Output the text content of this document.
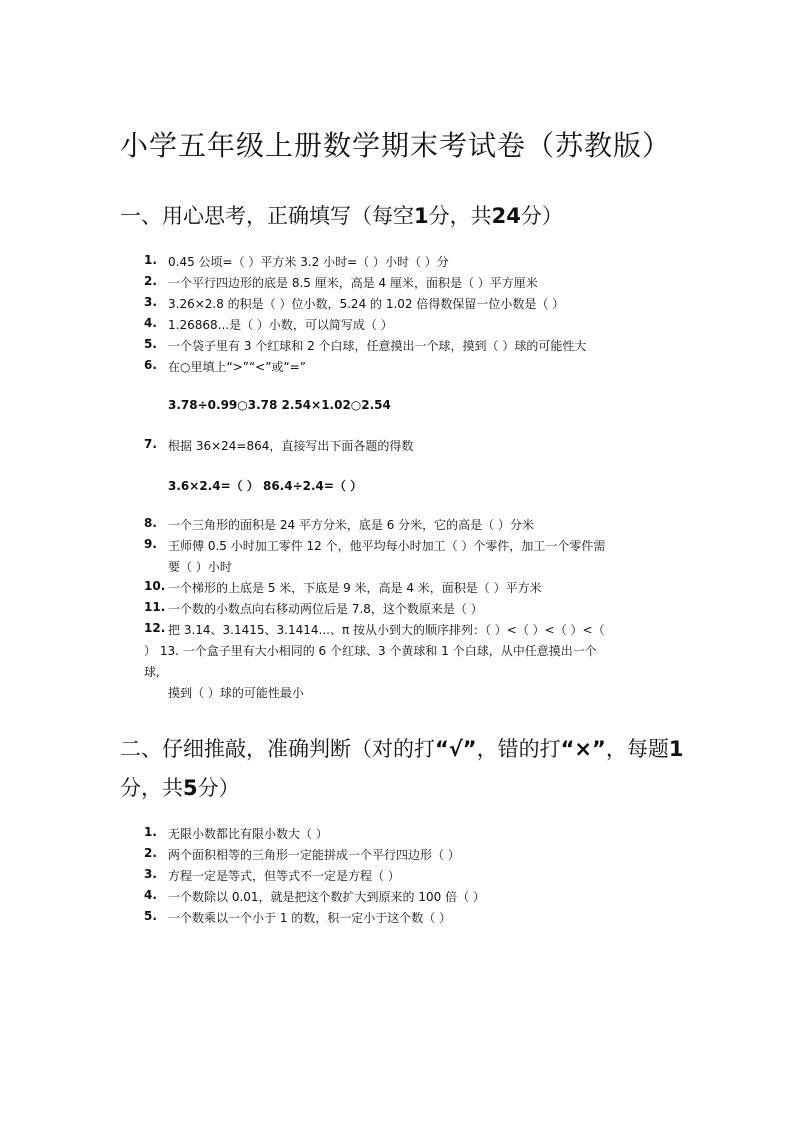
小学五年级上册数学期末考试卷（苏教版）
一、用心思考，正确填写（每空1分，共24分）
1. 0.45 公顷=（ ）平方米 3.2 小时=（ ）小时（ ）分
2. 一个平行四边形的底是 8.5 厘米，高是 4 厘米，面积是（ ）平方厘米
3. 3.26×2.8 的积是（ ）位小数，5.24 的 1.02 倍得数保留一位小数是（ ）
4. 1.26868...是（ ）小数，可以简写成（ ）
5. 一个袋子里有 3 个红球和 2 个白球，任意摸出一个球，摸到（ ）球的可能性大
6. 在○里填上“>”“<”或“=”
3.78÷0.99○3.78 2.54×1.02○2.54
7. 根据 36×24=864，直接写出下面各题的得数
3.6×2.4=（ ） 86.4÷2.4=（ ）
8. 一个三角形的面积是 24 平方分米，底是 6 分米，它的高是（ ）分米
9. 王师傅 0.5 小时加工零件 12 个，他平均每小时加工（ ）个零件，加工一个零件需
要（ ）小时
10. 一个梯形的上底是 5 米，下底是 9 米，高是 4 米，面积是（ ）平方米
11. 一个数的小数点向右移动两位后是 7.8，这个数原来是（ ）
12. 把 3.14、3.1415、3.1414...、π 按从小到大的顺序排列：（ ）<（ ）<（ ）<（
） 13. 一个盒子里有大小相同的 6 个红球、3 个黄球和 1 个白球，从中任意摸出一个
球,
摸到（ ）球的可能性最小
二、仔细推敲，准确判断（对的打“√”，错的打“×”，每题1
分，共5分）
1. 无限小数都比有限小数大（ ）
2. 两个面积相等的三角形一定能拼成一个平行四边形（ ）
3. 方程一定是等式，但等式不一定是方程（ ）
4. 一个数除以 0.01，就是把这个数扩大到原来的 100 倍（ ）
5. 一个数乘以一个小于 1 的数，积一定小于这个数（ ）
